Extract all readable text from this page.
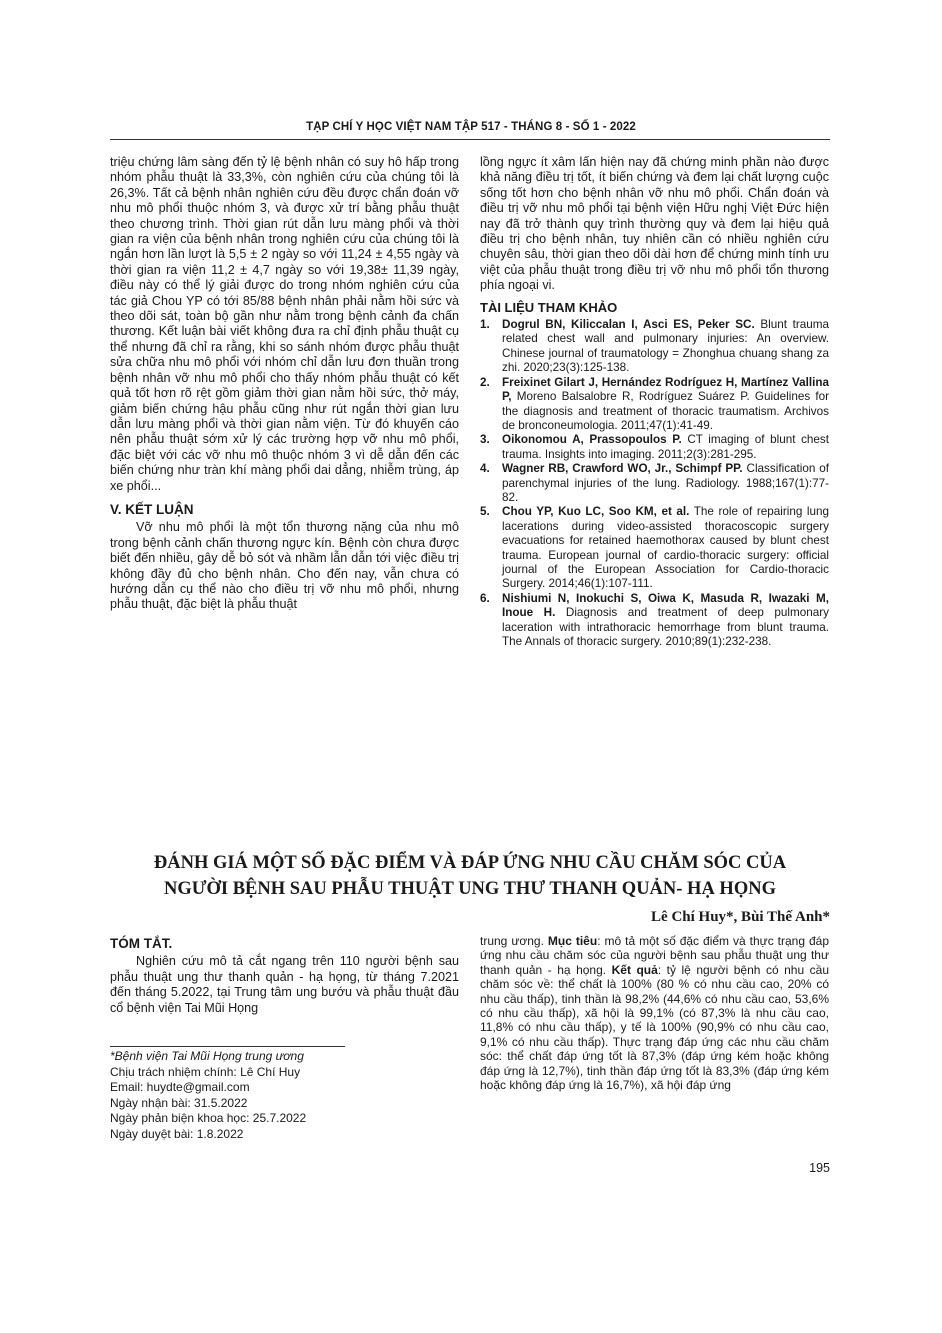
TẠP CHÍ Y HỌC VIỆT NAM TẬP 517 - THÁNG 8 - SỐ 1 - 2022

triệu chứng lâm sàng đến tỷ lệ bệnh nhân có suy hô hấp trong nhóm phẫu thuật là 33,3%, còn nghiên cứu của chúng tôi là 26,3%. Tất cả bệnh nhân nghiên cứu đều được chẩn đoán vỡ nhu mô phổi thuộc nhóm 3, và được xử trí bằng phẫu thuật theo chương trình. Thời gian rút dẫn lưu màng phổi và thời gian ra viện của bệnh nhân trong nghiên cứu của chúng tôi là ngắn hơn lần lượt là 5,5 ± 2 ngày so với 11,24 ± 4,55 ngày và thời gian ra viện 11,2 ± 4,7 ngày so với 19,38± 11,39 ngày, điều này có thể lý giải được do trong nhóm nghiên cứu của tác giả Chou YP có tới 85/88 bệnh nhân phải nằm hồi sức và theo dõi sát, toàn bộ gần như nằm trong bệnh cảnh đa chấn thương. Kết luận bài viết không đưa ra chỉ định phẫu thuật cụ thể nhưng đã chỉ ra rằng, khi so sánh nhóm được phẫu thuật sửa chữa nhu mô phổi với nhóm chỉ dẫn lưu đơn thuần trong bệnh nhân vỡ nhu mô phổi cho thấy nhóm phẫu thuật có kết quả tốt hơn rõ rệt gồm giảm thời gian nằm hồi sức, thở máy, giảm biến chứng hậu phẫu cũng như rút ngắn thời gian lưu dẫn lưu màng phổi và thời gian nằm viện. Từ đó khuyến cáo nên phẫu thuật sớm xử lý các trường hợp vỡ nhu mô phổi, đặc biệt với các vỡ nhu mô thuộc nhóm 3 vì dễ dẫn đến các biến chứng như tràn khí màng phổi dai dẳng, nhiễm trùng, áp xe phổi...

V. KẾT LUẬN

Vỡ nhu mô phổi là một tổn thương nặng của nhu mô trong bệnh cảnh chấn thương ngực kín. Bệnh còn chưa được biết đến nhiều, gây dễ bỏ sót và nhầm lẫn dẫn tới việc điều trị không đầy đủ cho bệnh nhân. Cho đến nay, vẫn chưa có hướng dẫn cụ thể nào cho điều trị vỡ nhu mô phổi, nhưng phẫu thuật, đặc biệt là phẫu thuật

lồng ngực ít xâm lấn hiện nay đã chứng minh phần nào được khả năng điều trị tốt, ít biến chứng và đem lại chất lượng cuộc sống tốt hơn cho bệnh nhân vỡ nhu mô phổi. Chẩn đoán và điều trị vỡ nhu mô phổi tại bệnh viện Hữu nghị Việt Đức hiện nay đã trở thành quy trình thường quy và đem lại hiệu quả điều trị cho bệnh nhân, tuy nhiên cần có nhiều nghiên cứu chuyên sâu, thời gian theo dõi dài hơn để chứng minh tính ưu việt của phẫu thuật trong điều trị vỡ nhu mô phổi tổn thương phía ngoại vi.

TÀI LIỆU THAM KHẢO

1. Dogrul BN, Kiliccalan I, Asci ES, Peker SC. Blunt trauma related chest wall and pulmonary injuries: An overview. Chinese journal of traumatology = Zhonghua chuang shang za zhi. 2020;23(3):125-138.
2. Freixinet Gilart J, Hernández Rodríguez H, Martínez Vallina P, Moreno Balsalobre R, Rodríguez Suárez P. Guidelines for the diagnosis and treatment of thoracic traumatism. Archivos de bronconeumologia. 2011;47(1):41-49.
3. Oikonomou A, Prassopoulos P. CT imaging of blunt chest trauma. Insights into imaging. 2011;2(3):281-295.
4. Wagner RB, Crawford WO, Jr., Schimpf PP. Classification of parenchymal injuries of the lung. Radiology. 1988;167(1):77-82.
5. Chou YP, Kuo LC, Soo KM, et al. The role of repairing lung lacerations during video-assisted thoracoscopic surgery evacuations for retained haemothorax caused by blunt chest trauma. European journal of cardio-thoracic surgery: official journal of the European Association for Cardio-thoracic Surgery. 2014;46(1):107-111.
6. Nishiumi N, Inokuchi S, Oiwa K, Masuda R, Iwazaki M, Inoue H. Diagnosis and treatment of deep pulmonary laceration with intrathoracic hemorrhage from blunt trauma. The Annals of thoracic surgery. 2010;89(1):232-238.
ĐÁNH GIÁ MỘT SỐ ĐẶC ĐIỂM VÀ ĐÁP ỨNG NHU CẦU CHĂM SÓC CỦA
NGƯỜI BỆNH SAU PHẪU THUẬT UNG THƯ THANH QUẢN- HẠ HỌNG
Lê Chí Huy*, Bùi Thế Anh*

TÓM TẮT.

Nghiên cứu mô tả cắt ngang trên 110 người bệnh sau phẫu thuật ung thư thanh quản - hạ họng, từ tháng 7.2021 đến tháng 5.2022, tại Trung tâm ung bướu và phẫu thuật đầu cổ bệnh viện Tai Mũi Họng

trung ương. Mục tiêu: mô tả một số đặc điểm và thực trạng đáp ứng nhu cầu chăm sóc của người bệnh sau phẫu thuật ung thư thanh quản - hạ họng. Kết quả: tỷ lệ người bệnh có nhu cầu chăm sóc về: thể chất là 100% (80 % có nhu cầu cao, 20% có nhu cầu thấp), tinh thần là 98,2% (44,6% có nhu cầu cao, 53,6% có nhu cầu thấp), xã hội là 99,1% (có 87,3% là nhu cầu cao, 11,8% có nhu cầu thấp), y tế là 100% (90,9% có nhu cầu cao, 9,1% có nhu cầu thấp). Thực trạng đáp ứng các nhu cầu chăm sóc: thể chất đáp ứng tốt là 87,3% (đáp ứng kém hoặc không đáp ứng là 12,7%), tinh thần đáp ứng tốt là 83,3% (đáp ứng kém hoặc không đáp ứng là 16,7%), xã hội đáp ứng

*Bệnh viện Tai Mũi Họng trung ương

Chịu trách nhiệm chính: Lê Chí Huy

Email: huydte@gmail.com

Ngày nhận bài: 31.5.2022

Ngày phản biện khoa học: 25.7.2022

Ngày duyệt bài: 1.8.2022

195
